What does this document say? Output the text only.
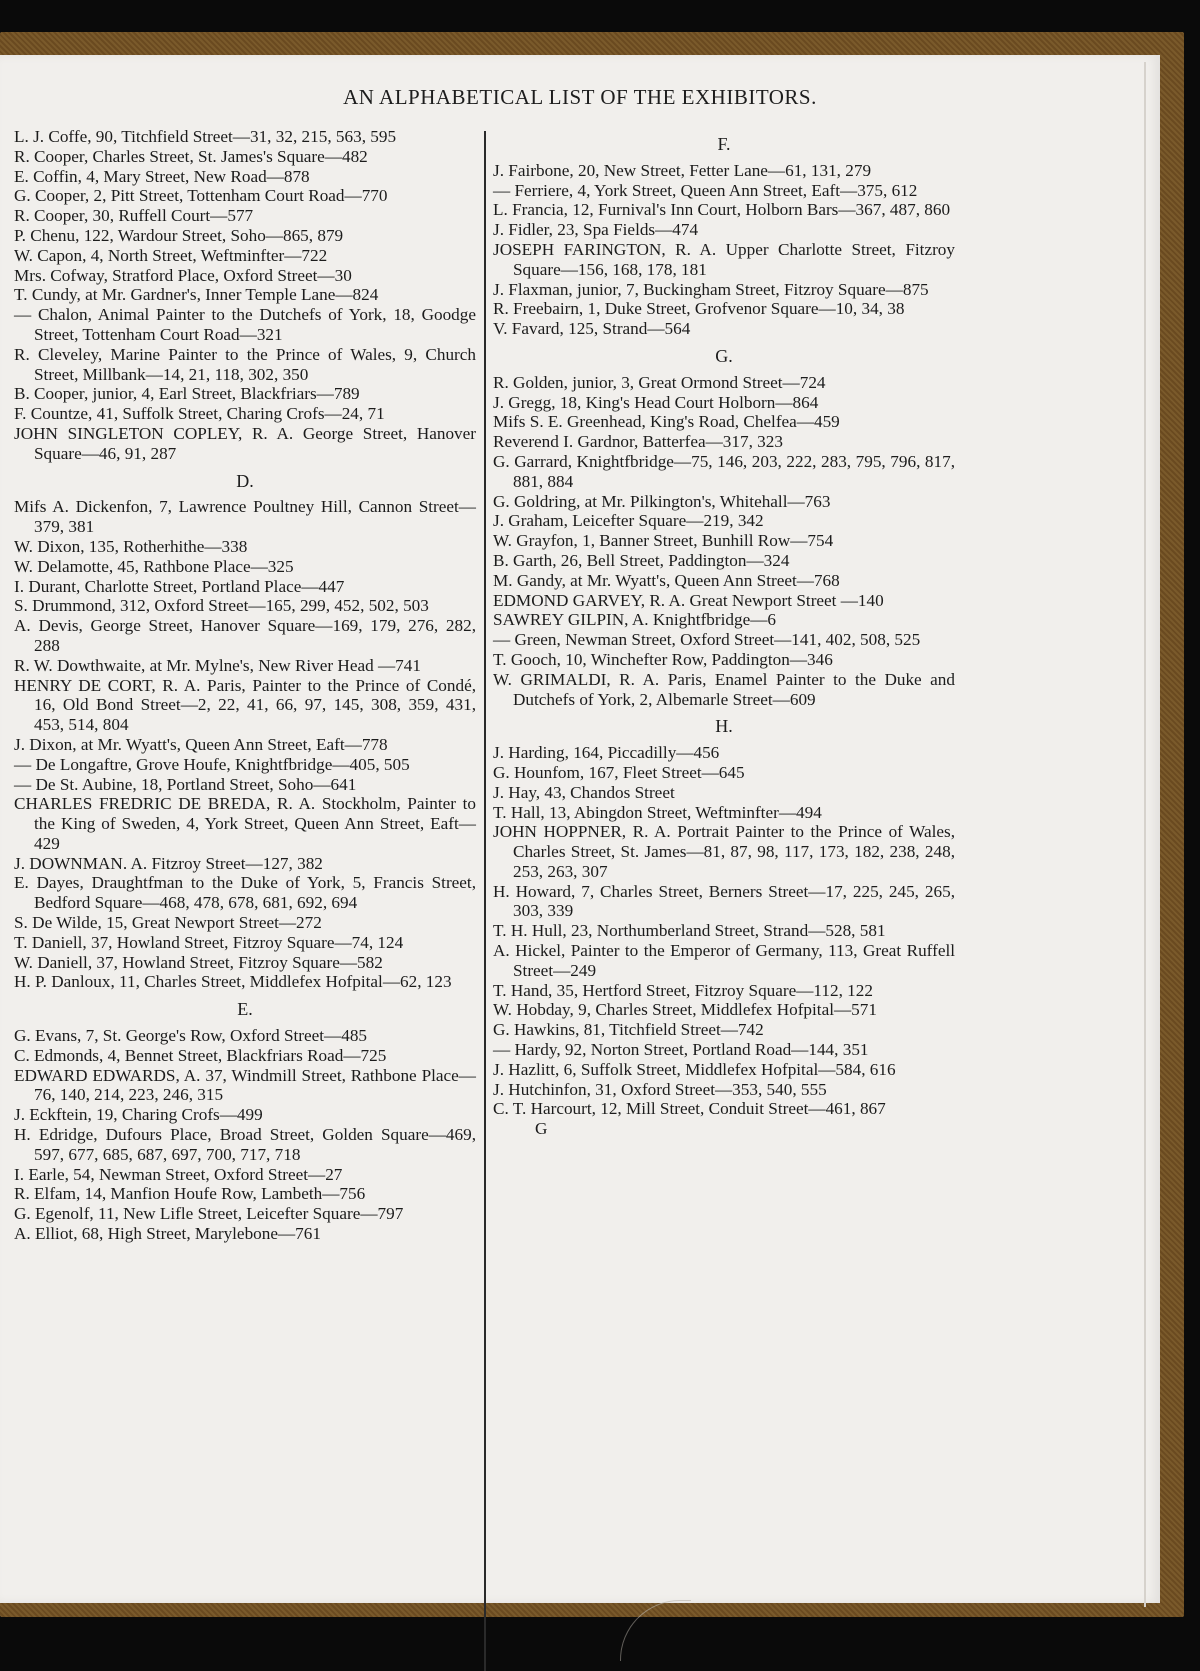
AN ALPHABETICAL LIST OF THE EXHIBITORS.

L. J. Coffe, 90, Titchfield Street—31, 32, 215, 563, 595

R. Cooper, Charles Street, St. James's Square—482

E. Coffin, 4, Mary Street, New Road—878

G. Cooper, 2, Pitt Street, Tottenham Court Road—770

R. Cooper, 30, Ruffell Court—577

P. Chenu, 122, Wardour Street, Soho—865, 879

W. Capon, 4, North Street, Weftminfter—722

Mrs. Cofway, Stratford Place, Oxford Street—30

T. Cundy, at Mr. Gardner's, Inner Temple Lane—824

— Chalon, Animal Painter to the Dutchefs of York, 18, Goodge Street, Tottenham Court Road—321

R. Cleveley, Marine Painter to the Prince of Wales, 9, Church Street, Millbank—14, 21, 118, 302, 350

B. Cooper, junior, 4, Earl Street, Blackfriars—789

F. Countze, 41, Suffolk Street, Charing Crofs—24, 71

JOHN SINGLETON COPLEY, R. A. George Street, Hanover Square—46, 91, 287

D.

Mifs A. Dickenfon, 7, Lawrence Poultney Hill, Cannon Street—379, 381

W. Dixon, 135, Rotherhithe—338

W. Delamotte, 45, Rathbone Place—325

I. Durant, Charlotte Street, Portland Place—447

S. Drummond, 312, Oxford Street—165, 299, 452, 502, 503

A. Devis, George Street, Hanover Square—169, 179, 276, 282, 288

R. W. Dowthwaite, at Mr. Mylne's, New River Head —741

HENRY DE CORT, R. A. Paris, Painter to the Prince of Condé, 16, Old Bond Street—2, 22, 41, 66, 97, 145, 308, 359, 431, 453, 514, 804

J. Dixon, at Mr. Wyatt's, Queen Ann Street, Eaft—778

— De Longaftre, Grove Houfe, Knightfbridge—405, 505

— De St. Aubine, 18, Portland Street, Soho—641

CHARLES FREDRIC DE BREDA, R. A. Stockholm, Painter to the King of Sweden, 4, York Street, Queen Ann Street, Eaft—429

J. DOWNMAN. A. Fitzroy Street—127, 382

E. Dayes, Draughtfman to the Duke of York, 5, Francis Street, Bedford Square—468, 478, 678, 681, 692, 694

S. De Wilde, 15, Great Newport Street—272

T. Daniell, 37, Howland Street, Fitzroy Square—74, 124

W. Daniell, 37, Howland Street, Fitzroy Square—582

H. P. Danloux, 11, Charles Street, Middlefex Hofpital—62, 123

E.

G. Evans, 7, St. George's Row, Oxford Street—485

C. Edmonds, 4, Bennet Street, Blackfriars Road—725

EDWARD EDWARDS, A. 37, Windmill Street, Rathbone Place—76, 140, 214, 223, 246, 315

J. Eckftein, 19, Charing Crofs—499

H. Edridge, Dufours Place, Broad Street, Golden Square—469, 597, 677, 685, 687, 697, 700, 717, 718

I. Earle, 54, Newman Street, Oxford Street—27

R. Elfam, 14, Manfion Houfe Row, Lambeth—756

G. Egenolf, 11, New Lifle Street, Leicefter Square—797

A. Elliot, 68, High Street, Marylebone—761

F.

J. Fairbone, 20, New Street, Fetter Lane—61, 131, 279

— Ferriere, 4, York Street, Queen Ann Street, Eaft—375, 612

L. Francia, 12, Furnival's Inn Court, Holborn Bars—367, 487, 860

J. Fidler, 23, Spa Fields—474

JOSEPH FARINGTON, R. A. Upper Charlotte Street, Fitzroy Square—156, 168, 178, 181

J. Flaxman, junior, 7, Buckingham Street, Fitzroy Square—875

R. Freebairn, 1, Duke Street, Grofvenor Square—10, 34, 38

V. Favard, 125, Strand—564

G.

R. Golden, junior, 3, Great Ormond Street—724

J. Gregg, 18, King's Head Court Holborn—864

Mifs S. E. Greenhead, King's Road, Chelfea—459

Reverend I. Gardnor, Batterfea—317, 323

G. Garrard, Knightfbridge—75, 146, 203, 222, 283, 795, 796, 817, 881, 884

G. Goldring, at Mr. Pilkington's, Whitehall—763

J. Graham, Leicefter Square—219, 342

W. Grayfon, 1, Banner Street, Bunhill Row—754

B. Garth, 26, Bell Street, Paddington—324

M. Gandy, at Mr. Wyatt's, Queen Ann Street—768

EDMOND GARVEY, R. A. Great Newport Street —140

SAWREY GILPIN, A. Knightfbridge—6

— Green, Newman Street, Oxford Street—141, 402, 508, 525

T. Gooch, 10, Winchefter Row, Paddington—346

W. GRIMALDI, R. A. Paris, Enamel Painter to the Duke and Dutchefs of York, 2, Albemarle Street—609

H.

J. Harding, 164, Piccadilly—456

G. Hounfom, 167, Fleet Street—645

J. Hay, 43, Chandos Street

T. Hall, 13, Abingdon Street, Weftminfter—494

JOHN HOPPNER, R. A. Portrait Painter to the Prince of Wales, Charles Street, St. James—81, 87, 98, 117, 173, 182, 238, 248, 253, 263, 307

H. Howard, 7, Charles Street, Berners Street—17, 225, 245, 265, 303, 339

T. H. Hull, 23, Northumberland Street, Strand—528, 581

A. Hickel, Painter to the Emperor of Germany, 113, Great Ruffell Street—249

T. Hand, 35, Hertford Street, Fitzroy Square—112, 122

W. Hobday, 9, Charles Street, Middlefex Hofpital—571

G. Hawkins, 81, Titchfield Street—742

— Hardy, 92, Norton Street, Portland Road—144, 351

J. Hazlitt, 6, Suffolk Street, Middlefex Hofpital—584, 616

J. Hutchinfon, 31, Oxford Street—353, 540, 555

C. T. Harcourt, 12, Mill Street, Conduit Street—461, 867

G
